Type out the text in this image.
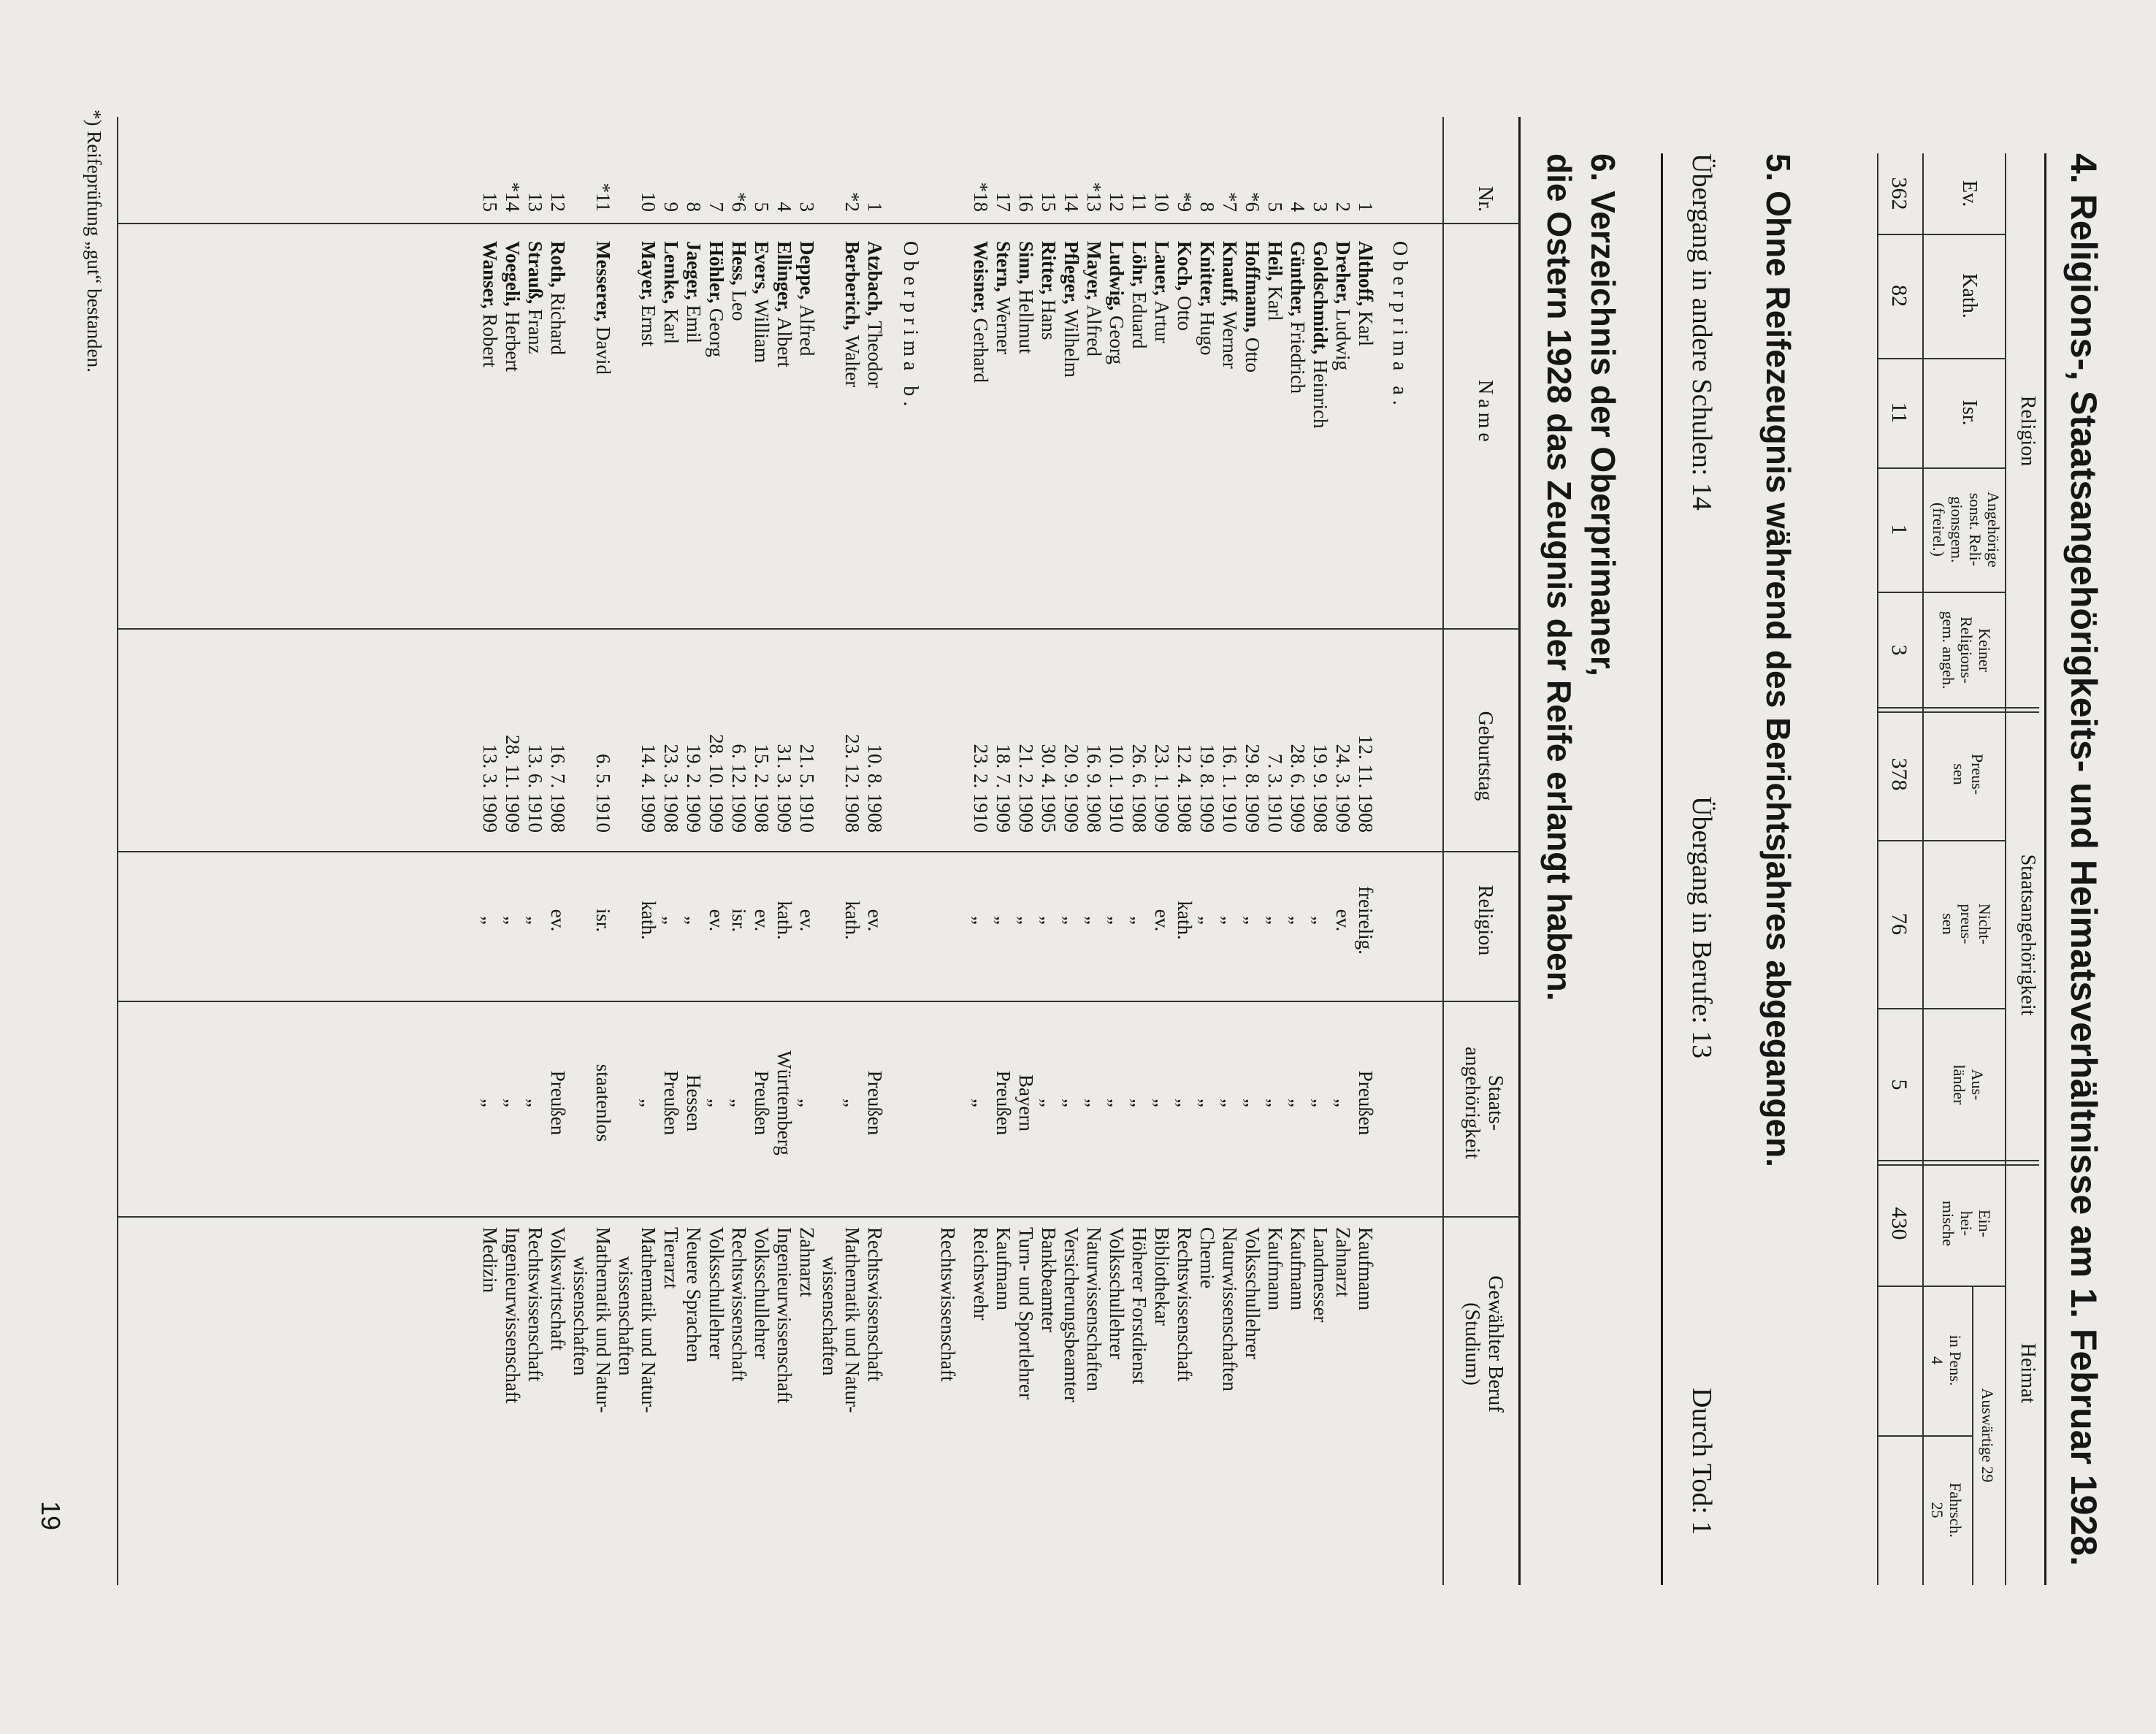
4. Religions-, Staatsangehörigkeits- und Heimatsverhältnisse am 1. Februar 1928.
Religion
Staatsangehörigkeit
Heimat
Ev.
Kath.
Isr.
Angehörige
sonst. Reli-
gionsgem.
(freirel.)
Keiner
Religions-
gem. angeh.
Preus-
sen
Nicht-
preus-
sen
Aus-
länder
Ein-
hei-
mische
Auswärtige 29
in Pens.
4
Fahrsch.
25
362
82
11
1
3
378
76
5
430
5. Ohne Reifezeugnis während des Berichtsjahres abgegangen.
Übergang in andere Schulen: 14
Übergang in Berufe: 13
Durch Tod: 1
6. Verzeichnis der Oberprimaner,
die Ostern 1928 das Zeugnis der Reife erlangt haben.
Nr.
Name
Geburtstag
Religion
Staats-
angehörigkeit
Gewählter Beruf
(Studium)
Oberprima a.
1
Althoff, Karl
12. 11. 1908
freirelig.
Preußen
Kaufmann
2
Dreher, Ludwig
24. 3. 1909
ev.
„
Zahnarzt
3
Goldschmidt, Heinrich
19. 9. 1908
„
„
Landmesser
4
Günther, Friedrich
28. 6. 1909
„
„
Kaufmann
5
Heil, Karl
7. 3. 1910
„
„
Kaufmann
*6
Hoffmann, Otto
29. 8. 1909
„
„
Volksschullehrer
*7
Knauff, Werner
16. 1. 1910
„
„
Naturwissenschaften
8
Knitter, Hugo
19. 8. 1909
„
„
Chemie
*9
Koch, Otto
12. 4. 1908
kath.
„
Rechtswissenschaft
10
Lauer, Artur
23. 1. 1909
ev.
„
Bibliothekar
11
Löhr, Eduard
26. 6. 1908
„
„
Höherer Forstdienst
12
Ludwig, Georg
10. 1. 1910
„
„
Volksschullehrer
*13
Mayer, Alfred
16. 9. 1908
„
„
Naturwissenschaften
14
Pfleger, Wilhelm
20. 9. 1909
„
„
Versicherungsbeamter
15
Ritter, Hans
30. 4. 1905
„
„
Bankbeamter
16
Sinn, Hellmut
21. 2. 1909
„
Bayern
Turn- und Sportlehrer
17
Stern, Werner
18. 7. 1909
„
Preußen
Kaufmann
*18
Weisner, Gerhard
23. 2. 1910
„
„
Reichswehr
Rechtswissenschaft
Oberprima b.
1
Atzbach, Theodor
10. 8. 1908
ev.
Preußen
Rechtswissenschaft
*2
Berberich, Walter
23. 12. 1908
kath.
„
Mathematik und Natur-
wissenschaften
3
Deppe, Alfred
21. 5. 1910
ev.
„
Zahnarzt
4
Ellinger, Albert
31. 3. 1909
kath.
Württemberg
Ingenieurwissenschaft
5
Evers, William
15. 2. 1908
ev.
Preußen
Volksschullehrer
*6
Hess, Leo
6. 12. 1909
isr.
„
Rechtswissenschaft
7
Höhler, Georg
28. 10. 1909
ev.
„
Volksschullehrer
8
Jaeger, Emil
19. 2. 1909
„
Hessen
Neuere Sprachen
9
Lemke, Karl
23. 3. 1908
„
Preußen
Tierarzt
10
Mayer, Ernst
14. 4. 1909
kath.
„
Mathematik und Natur-
wissenschaften
*11
Messerer, David
6. 5. 1910
isr.
staatenlos
Mathematik und Natur-
wissenschaften
12
Roth, Richard
16. 7. 1908
ev.
Preußen
Volkswirtschaft
13
Strauß, Franz
13. 6. 1910
„
„
Rechtswissenschaft
*14
Voegeli, Herbert
28. 11. 1909
„
„
Ingenieurwissenschaft
15
Wanser, Robert
13. 3. 1909
„
„
Medizin
*) Reifeprüfung „gut“ bestanden.
19
